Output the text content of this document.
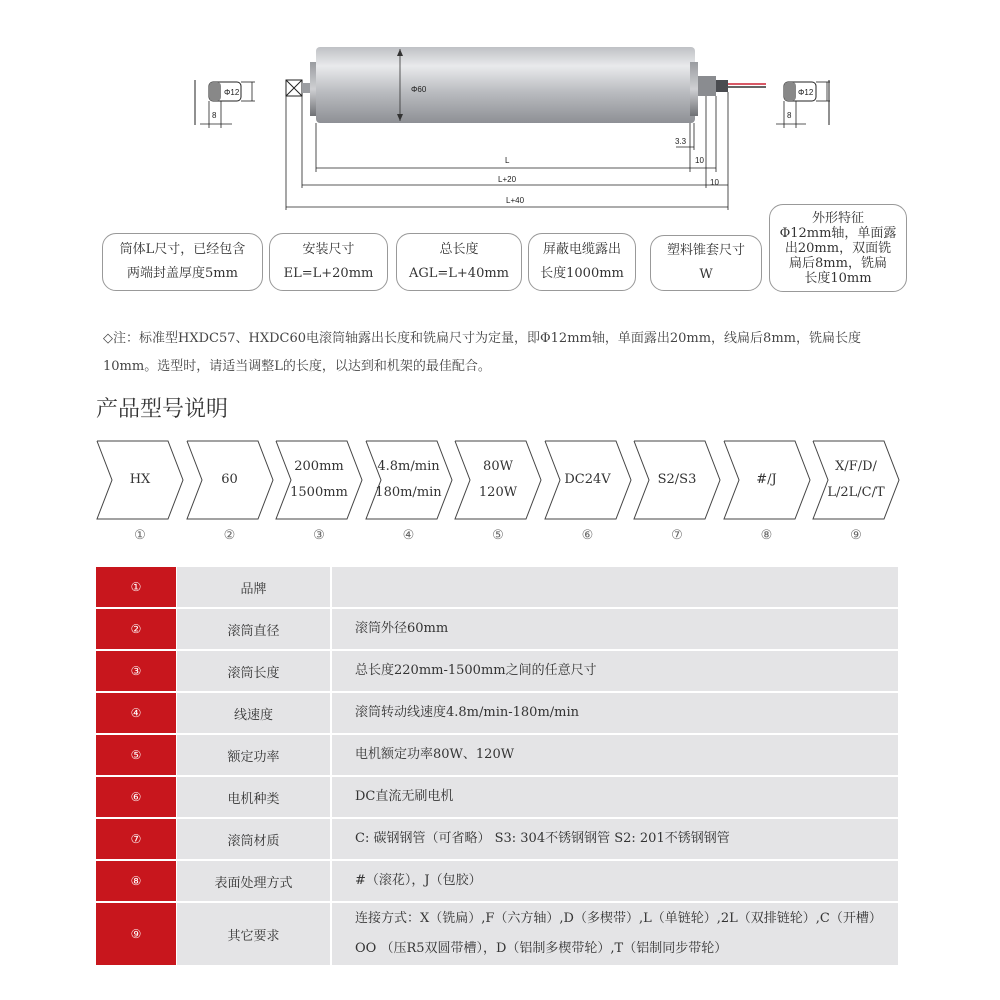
Φ12
8
Φ12
8
Φ60
L
L+20
L+40
3.3
10
10
筒体L尺寸，已经包含
两端封盖厚度5mm
安装尺寸
EL=L+20mm
总长度
AGL=L+40mm
屏蔽电缆露出
长度1000mm
塑料锥套尺寸
W
外形特征
Φ12mm轴，单面露
出20mm，双面铣
扁后8mm，铣扁
长度10mm
◇注：标准型HXDC57、HXDC60电滚筒轴露出长度和铣扁尺寸为定量，即Φ12mm轴，单面露出20mm，线扁后8mm，铣扁长度
10mm。选型时，请适当调整L的长度，以达到和机架的最佳配合。
产品型号说明
HX
①
60
②
200mm
1500mm
③
4.8m/min
180m/min
④
80W
120W
⑤
DC24V
⑥
S2/S3
⑦
#/J
⑧
X/F/D/
L/2L/C/T
⑨
①	品牌
②	滚筒直径	滚筒外径60mm
③	滚筒长度	总长度220mm-1500mm之间的任意尺寸
④	线速度	滚筒转动线速度4.8m/min-180m/min
⑤	额定功率	电机额定功率80W、120W
⑥	电机种类	DC直流无刷电机
⑦	滚筒材质	C: 碳钢钢管（可省略） S3: 304不锈钢钢管 S2: 201不锈钢钢管
⑧	表面处理方式	#（滚花），J（包胶）
⑨	其它要求
连接方式：X（铣扁）,F（六方轴）,D（多楔带）,L（单链轮）,2L（双排链轮）,C（开槽）
OO （压R5双圆带槽），D（铝制多楔带轮）,T（铝制同步带轮）
